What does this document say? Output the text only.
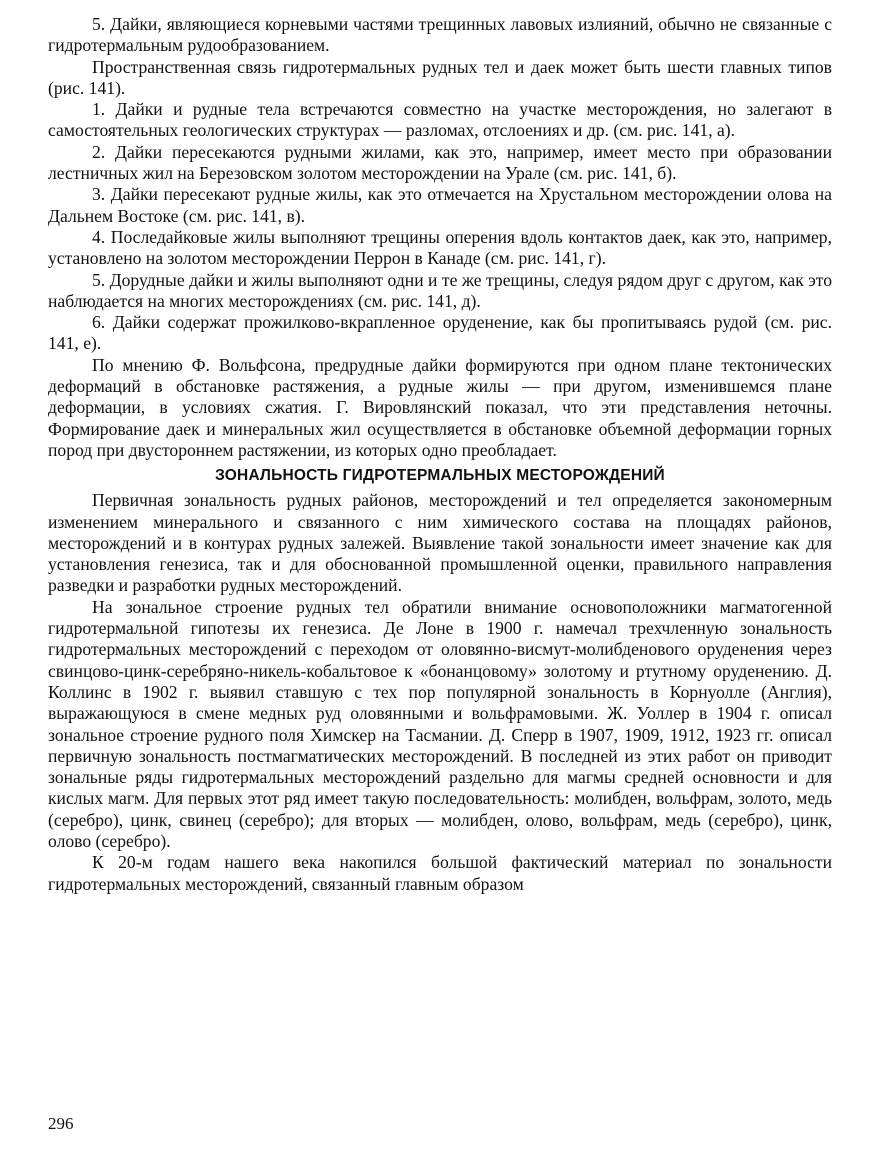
5. Дайки, являющиеся корневыми частями трещинных лавовых излияний, обычно не связанные с гидротермальным рудообразованием.

Пространственная связь гидротермальных рудных тел и даек может быть шести главных типов (рис. 141).

1. Дайки и рудные тела встречаются совместно на участке месторождения, но залегают в самостоятельных геологических структурах — разломах, отслоениях и др. (см. рис. 141, а).

2. Дайки пересекаются рудными жилами, как это, например, имеет место при образовании лестничных жил на Березовском золотом месторождении на Урале (см. рис. 141, б).

3. Дайки пересекают рудные жилы, как это отмечается на Хрустальном месторождении олова на Дальнем Востоке (см. рис. 141, в).

4. Последайковые жилы выполняют трещины оперения вдоль контактов даек, как это, например, установлено на золотом месторождении Перрон в Канаде (см. рис. 141, г).

5. Дорудные дайки и жилы выполняют одни и те же трещины, следуя рядом друг с другом, как это наблюдается на многих месторождениях (см. рис. 141, д).

6. Дайки содержат прожилково-вкрапленное оруденение, как бы пропитываясь рудой (см. рис. 141, е).

По мнению Ф. Вольфсона, предрудные дайки формируются при одном плане тектонических деформаций в обстановке растяжения, а рудные жилы — при другом, изменившемся плане деформации, в условиях сжатия. Г. Вировлянский показал, что эти представления неточны. Формирование даек и минеральных жил осуществляется в обстановке объемной деформации горных пород при двустороннем растяжении, из которых одно преобладает.

ЗОНАЛЬНОСТЬ ГИДРОТЕРМАЛЬНЫХ МЕСТОРОЖДЕНИЙ

Первичная зональность рудных районов, месторождений и тел определяется закономерным изменением минерального и связанного с ним химического состава на площадях районов, месторождений и в контурах рудных залежей. Выявление такой зональности имеет значение как для установления генезиса, так и для обоснованной промышленной оценки, правильного направления разведки и разработки рудных месторождений.

На зональное строение рудных тел обратили внимание основоположники магматогенной гидротермальной гипотезы их генезиса. Де Лоне в 1900 г. намечал трехчленную зональность гидротермальных месторождений с переходом от оловянно-висмут-молибденового оруденения через свинцово-цинк-серебряно-никель-кобальтовое к «бонанцовому» золотому и ртутному оруденению. Д. Коллинс в 1902 г. выявил ставшую с тех пор популярной зональность в Корнуолле (Англия), выражающуюся в смене медных руд оловянными и вольфрамовыми. Ж. Уоллер в 1904 г. описал зональное строение рудного поля Химскер на Тасмании. Д. Сперр в 1907, 1909, 1912, 1923 гг. описал первичную зональность постмагматических месторождений. В последней из этих работ он приводит зональные ряды гидротермальных месторождений раздельно для магмы средней основности и для кислых магм. Для первых этот ряд имеет такую последовательность: молибден, вольфрам, золото, медь (серебро), цинк, свинец (серебро); для вторых — молибден, олово, вольфрам, медь (серебро), цинк, олово (серебро).

К 20-м годам нашего века накопился большой фактический материал по зональности гидротермальных месторождений, связанный главным образом

296
